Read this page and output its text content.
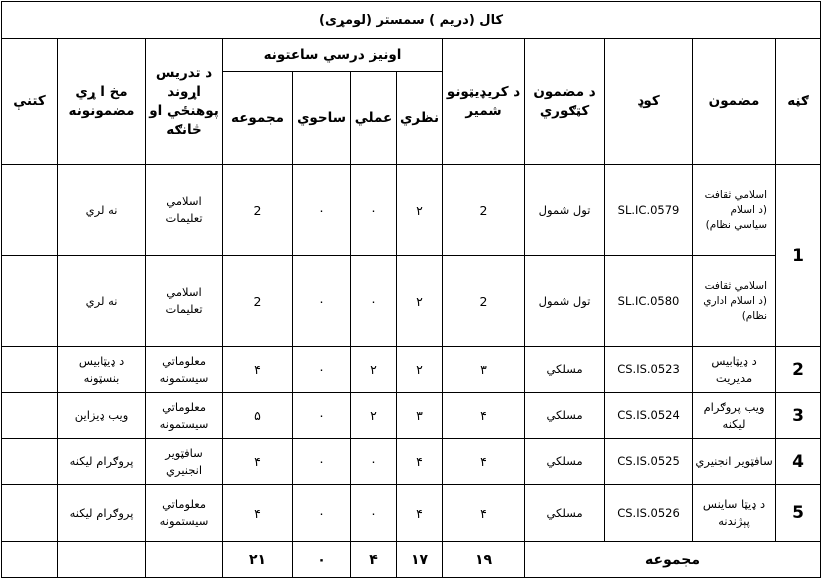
کال (دریم ) سمستر (لومړی)											
ګڼه	مضمون	کوډ	د مضمون کټګوري	د کریډیټونو شمیر	اونیز درسي ساعتونه				د تدریس اړوند پوهنځي او څانګه	مخ ا ړي مضمونونه	کتنې
					نظري	عملي	ساحوي	مجموعه			
1	اسلامي ثقافت (د اسلام سیاسي نظام)	SL.IC.0579	تول شمول	2	۲	۰	۰	2	اسلامي تعلیمات	نه لري	
	اسلامي ثقافت (د اسلام اداري نظام)	SL.IC.0580	تول شمول	2	۲	۰	۰	2	اسلامي تعلیمات	نه لري	
2	د ډیټابیس مدیریت	CS.IS.0523	مسلکي	۳	۲	۲	۰	۴	معلوماتي سیستمونه	د ډیټابیس بنسټونه	
3	ویب پروګرام لیکنه	CS.IS.0524	مسلکي	۴	۳	۲	۰	۵	معلوماتي سیستمونه	ویب ډیزاین	
4	سافټویر انجنیري	CS.IS.0525	مسلکي	۴	۴	۰	۰	۴	سافټویر انجنیري	پروګرام لیکنه	
5	د ډیټا ساینس پېژندنه	CS.IS.0526	مسلکي	۴	۴	۰	۰	۴	معلوماتي سیستمونه	پروګرام لیکنه	
مجموعه				۱۹	۱۷	۴	۰	۲۱			
